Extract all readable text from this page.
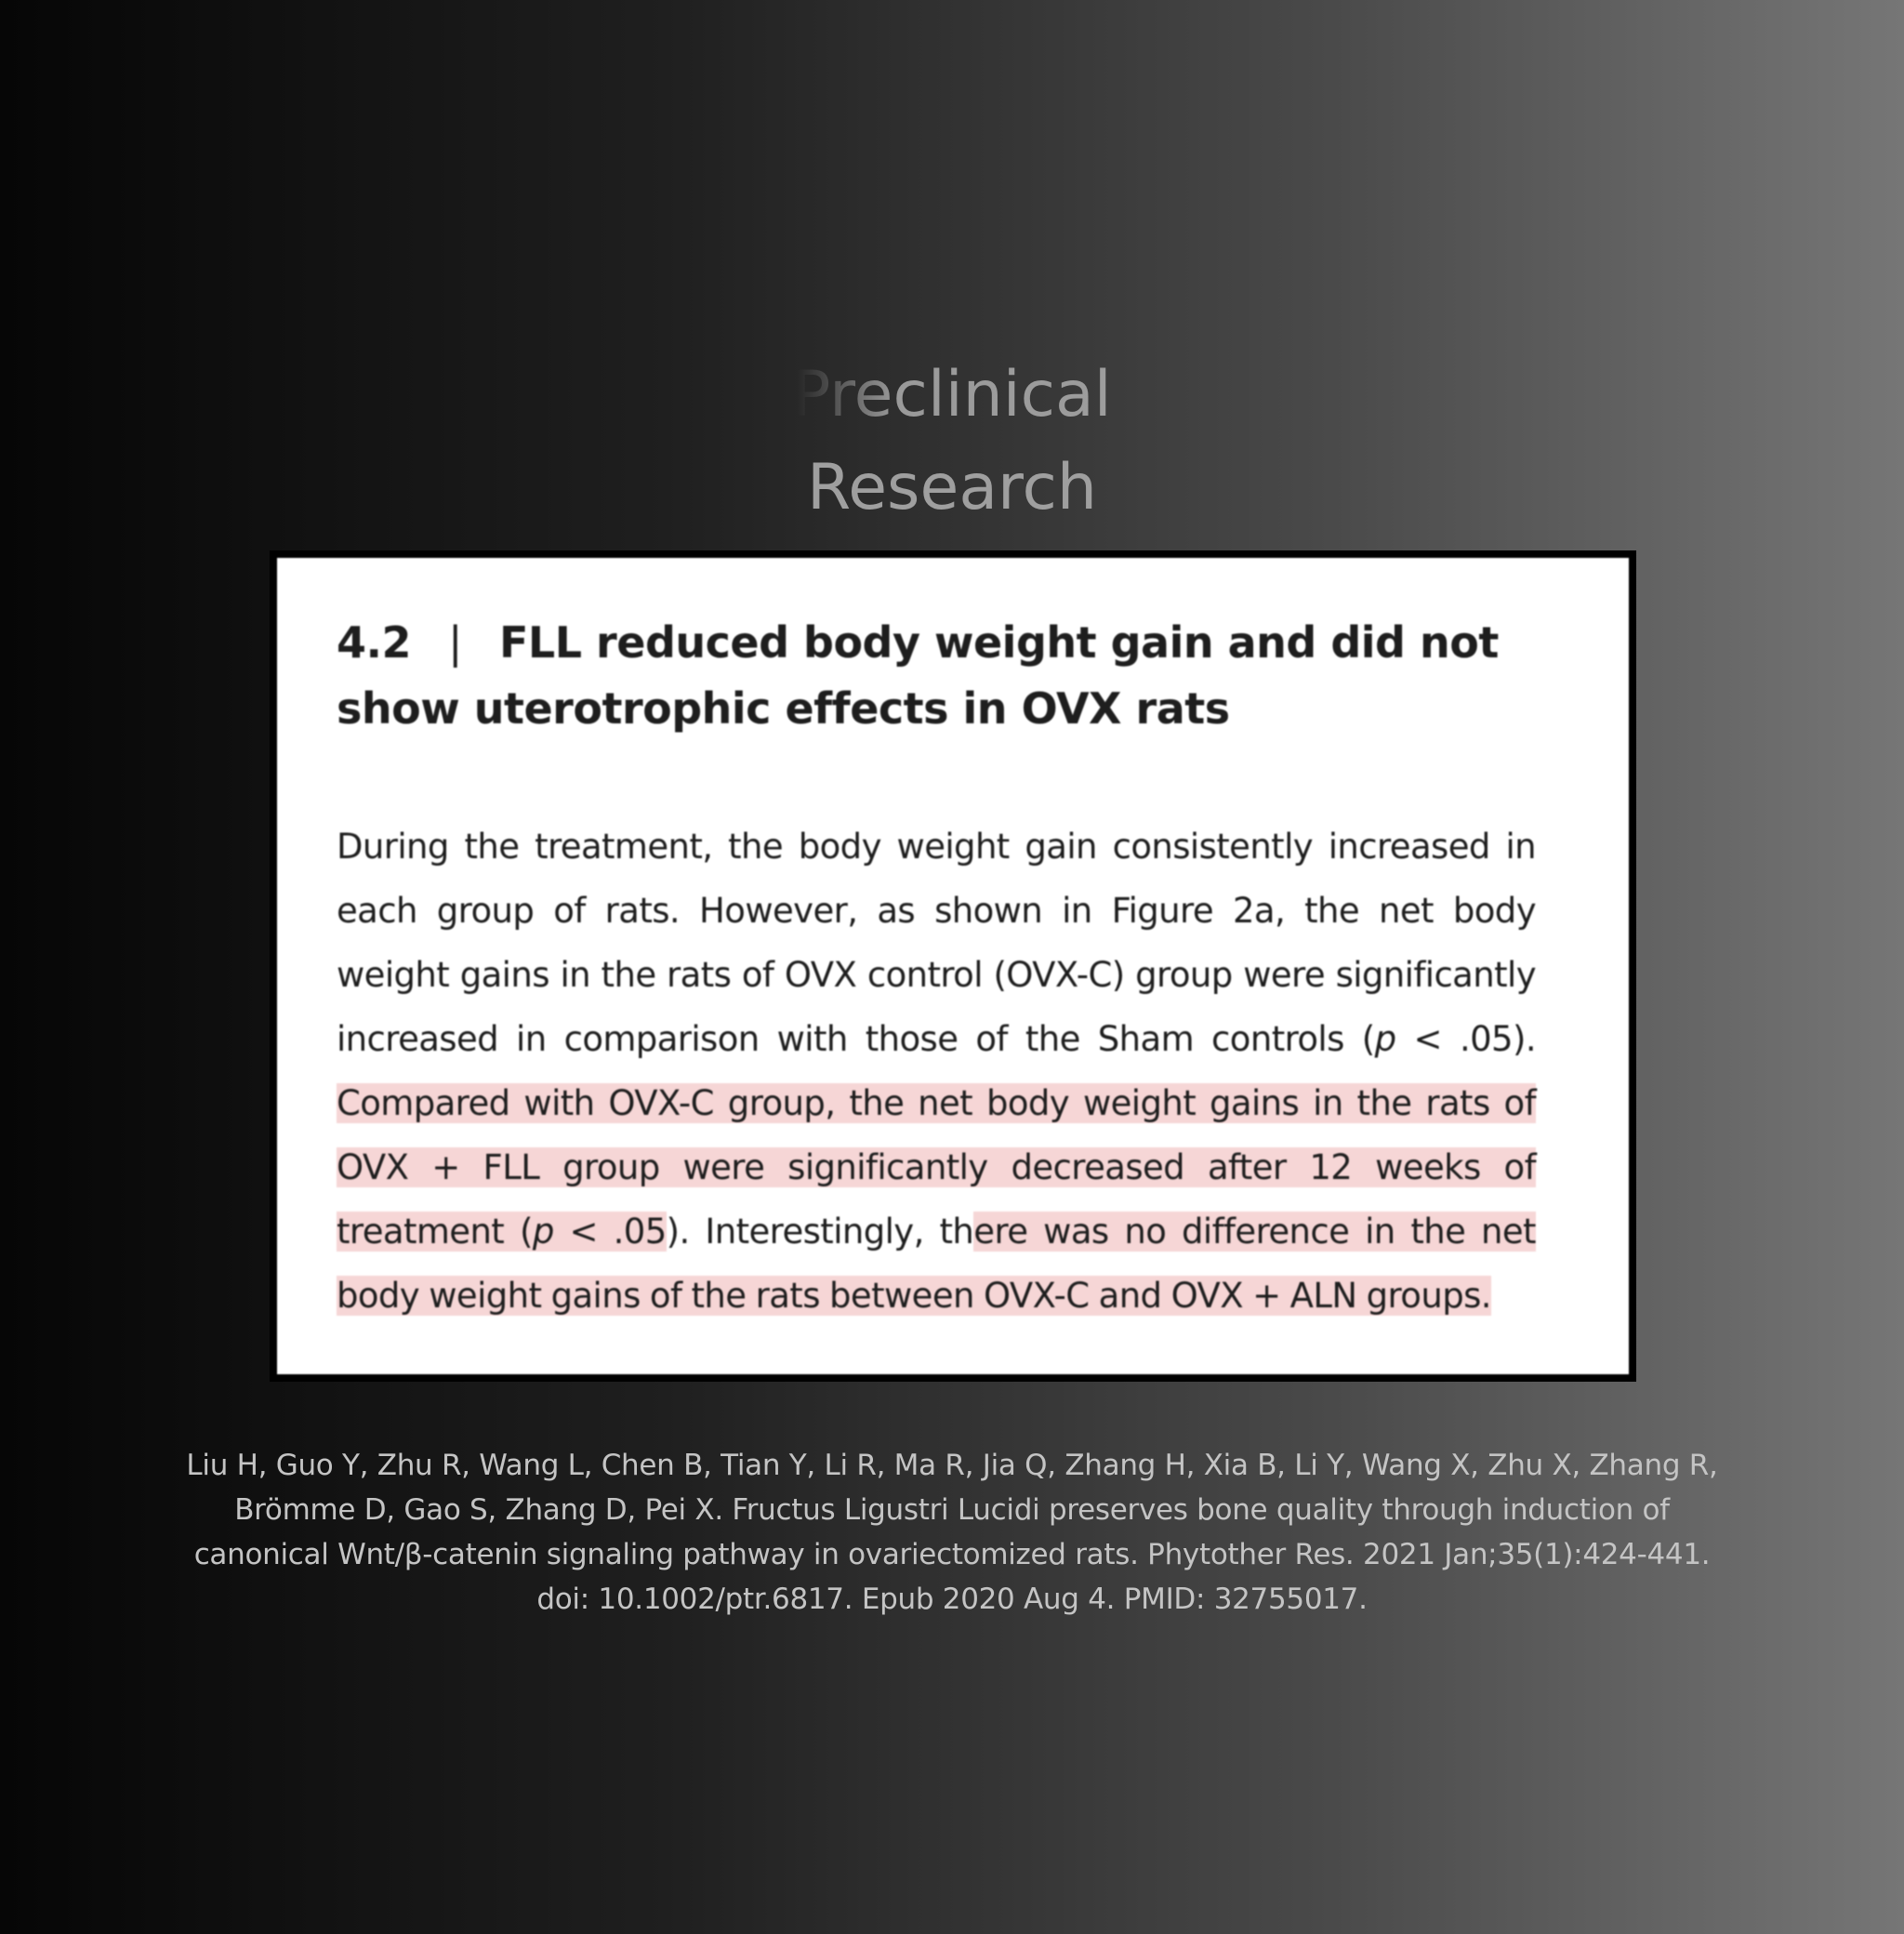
Preclinical
Research
4.2 | FLL reduced body weight gain and did not show uterotrophic effects in OVX rats
During the treatment, the body weight gain consistently increased in each group of rats. However, as shown in Figure 2a, the net body weight gains in the rats of OVX control (OVX-C) group were significantly increased in comparison with those of the Sham controls (p < .05). Compared with OVX-C group, the net body weight gains in the rats of OVX + FLL group were significantly decreased after 12 weeks of treatment (p < .05). Interestingly, there was no difference in the net body weight gains of the rats between OVX-C and OVX + ALN groups.
Liu H, Guo Y, Zhu R, Wang L, Chen B, Tian Y, Li R, Ma R, Jia Q, Zhang H, Xia B, Li Y, Wang X, Zhu X, Zhang R, Brömme D, Gao S, Zhang D, Pei X. Fructus Ligustri Lucidi preserves bone quality through induction of canonical Wnt/β-catenin signaling pathway in ovariectomized rats. Phytother Res. 2021 Jan;35(1):424-441. doi: 10.1002/ptr.6817. Epub 2020 Aug 4. PMID: 32755017.
